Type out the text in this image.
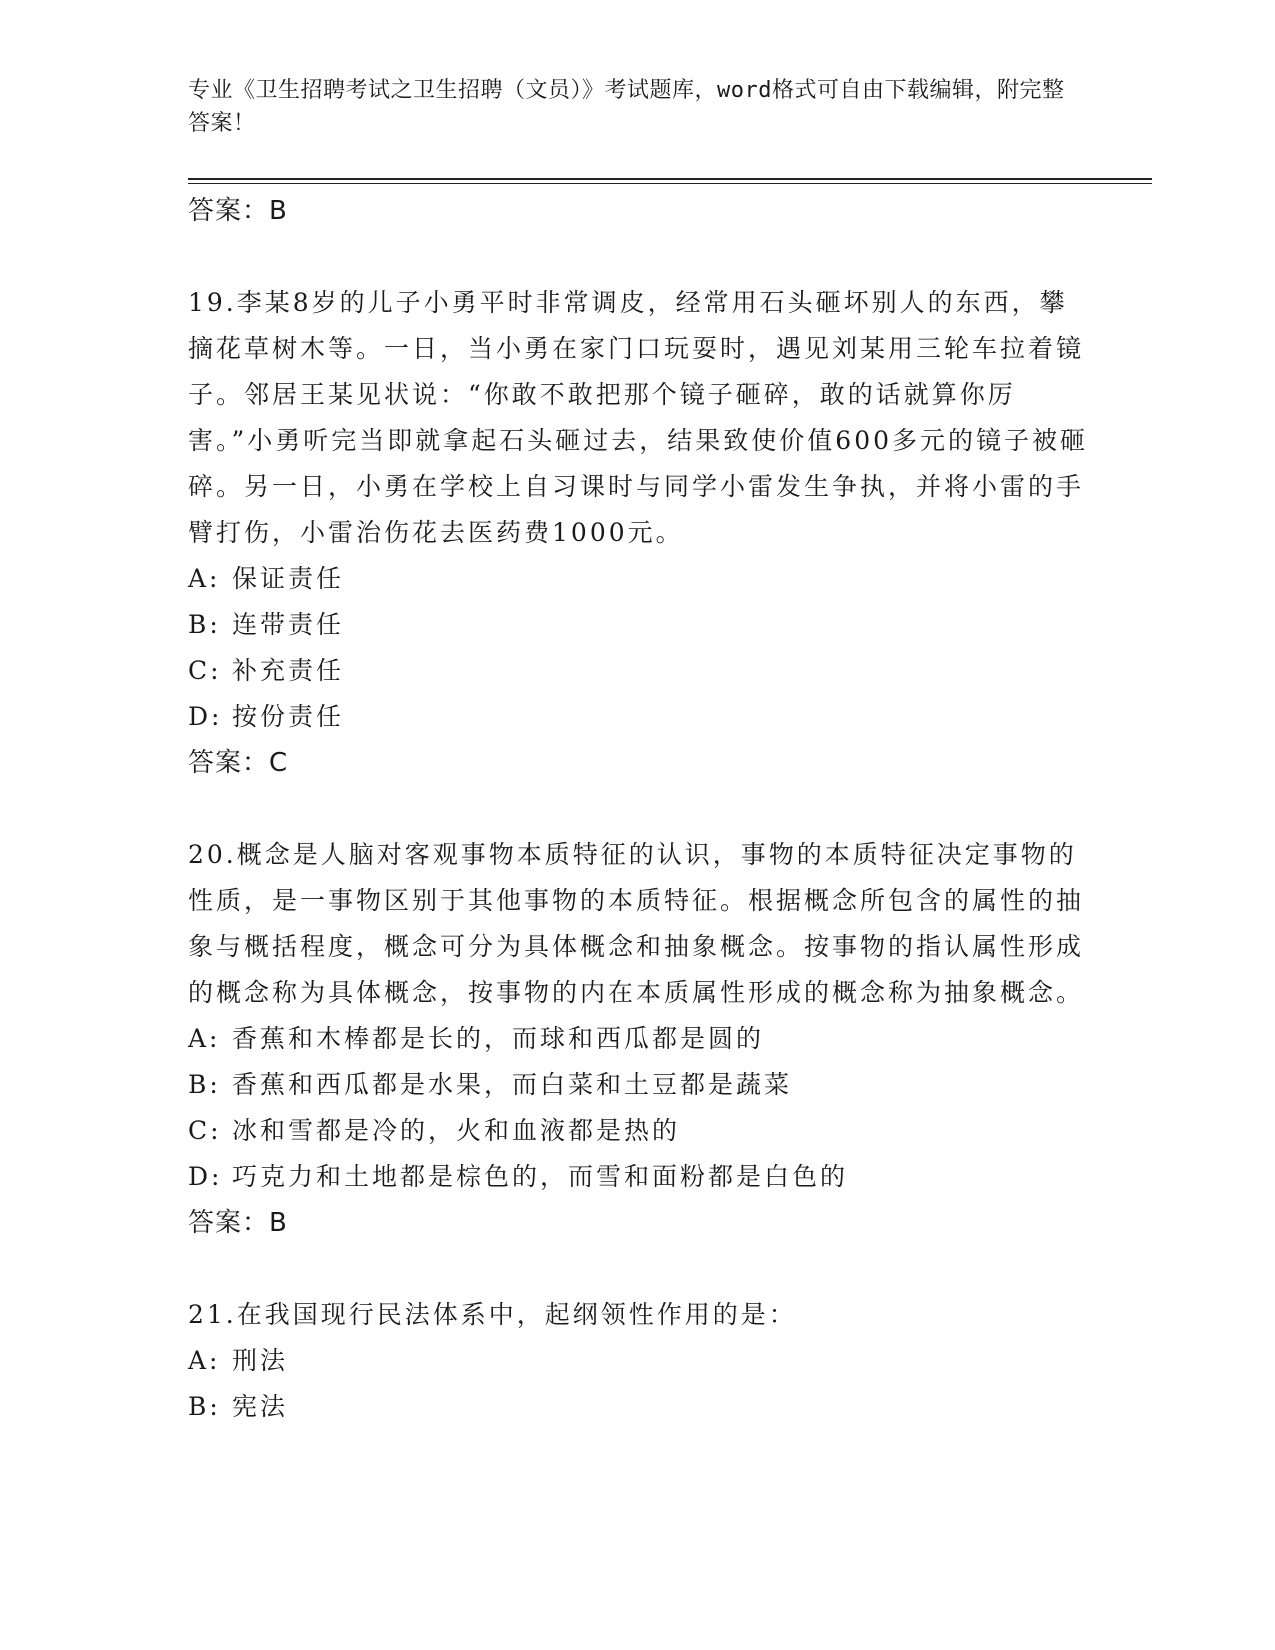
专业《卫生招聘考试之卫生招聘（文员）》考试题库，word格式可自由下载编辑，附完整答案！
答案：B
19.李某8岁的儿子小勇平时非常调皮，经常用石头砸坏别人的东西，攀摘花草树木等。一日，当小勇在家门口玩耍时，遇见刘某用三轮车拉着镜子。邻居王某见状说：“你敢不敢把那个镜子砸碎，敢的话就算你厉害。”小勇听完当即就拿起石头砸过去，结果致使价值600多元的镜子被砸碎。另一日，小勇在学校上自习课时与同学小雷发生争执，并将小雷的手臂打伤，小雷治伤花去医药费1000元。
A: 保证责任
B: 连带责任
C: 补充责任
D: 按份责任
答案：C
20.概念是人脑对客观事物本质特征的认识，事物的本质特征决定事物的性质，是一事物区别于其他事物的本质特征。根据概念所包含的属性的抽象与概括程度，概念可分为具体概念和抽象概念。按事物的指认属性形成的概念称为具体概念，按事物的内在本质属性形成的概念称为抽象概念。
A: 香蕉和木棒都是长的，而球和西瓜都是圆的
B: 香蕉和西瓜都是水果，而白菜和土豆都是蔬菜
C: 冰和雪都是冷的，火和血液都是热的
D: 巧克力和土地都是棕色的，而雪和面粉都是白色的
答案：B
21.在我国现行民法体系中，起纲领性作用的是：
A: 刑法
B: 宪法
